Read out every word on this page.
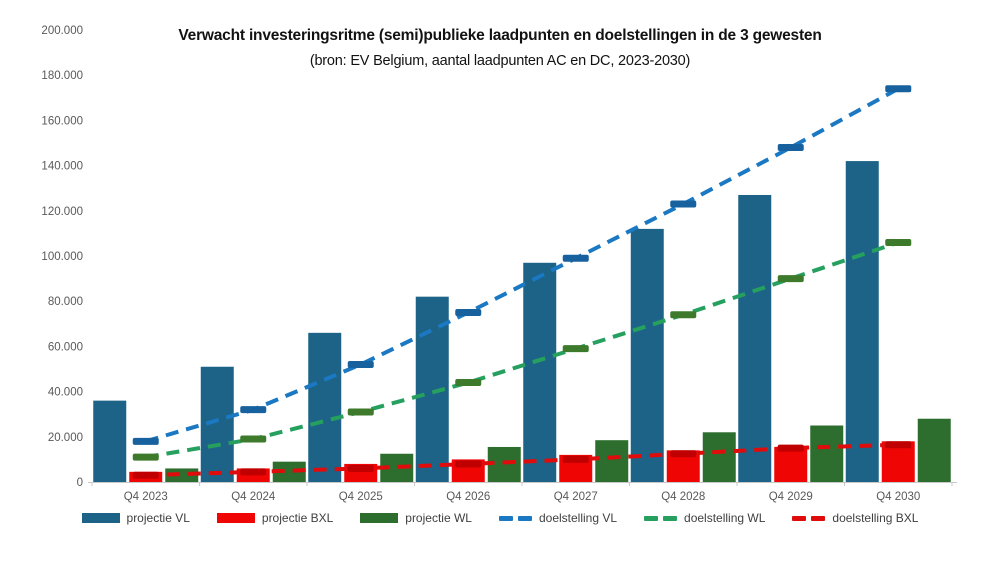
0
20.000
40.000
60.000
80.000
100.000
120.000
140.000
160.000
180.000
200.000
Q4 2023	Q4 2024	Q4 2025	Q4 2026	Q4 2027	Q4 2028	Q4 2029	Q4 2030
Verwacht investeringsritme (semi)publieke laadpunten en doelstellingen in de 3 gewesten
(bron: EV Belgium, aantal laadpunten AC en DC, 2023-2030)
projectie VL	projectie BXL	projectie WL	doelstelling VL	doelstelling WL	doelstelling BXL
